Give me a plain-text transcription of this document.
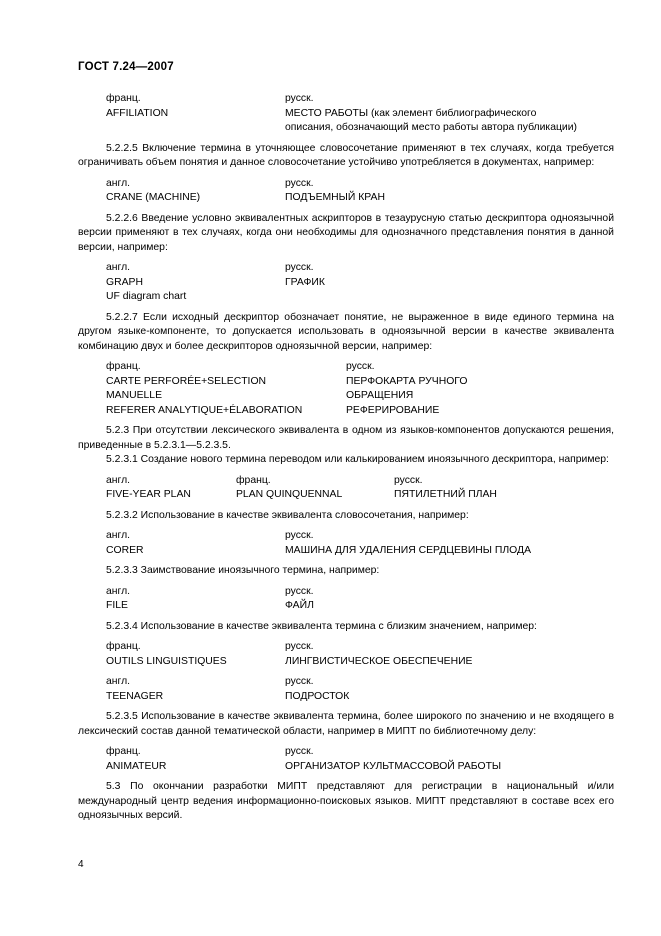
ГОСТ 7.24—2007
франц.	русск.
AFFILIATION	МЕСТО РАБОТЫ (как элемент библиографического
описания, обозначающий место работы автора публикации)

5.2.2.5 Включение термина в уточняющее словосочетание применяют в тех случаях, когда требуется ограничивать объем понятия и данное словосочетание устойчиво употребляется в документах, например:

англ.	русск.
CRANE (MACHINE)	ПОДЪЕМНЫЙ КРАН

5.2.2.6 Введение условно эквивалентных аскрипторов в тезаурусную статью дескриптора одноязычной версии применяют в тех случаях, когда они необходимы для однозначного представления понятия в данной версии, например:

англ.	русск.
GRAPH	ГРАФИК
UF diagram chart

5.2.2.7 Если исходный дескриптор обозначает понятие, не выраженное в виде единого термина на другом языке-компоненте, то допускается использовать в одноязычной версии в качестве эквивалента комбинацию двух и более дескрипторов одноязычной версии, например:

франц.	русск.
CARTE PERFORÉE+SELECTION	ПЕРФОКАРТА РУЧНОГО
MANUELLE	ОБРАЩЕНИЯ
REFERER ANALYTIQUE+ÉLABORATION	РЕФЕРИРОВАНИЕ

5.2.3 При отсутствии лексического эквивалента в одном из языков-компонентов допускаются решения, приведенные в 5.2.3.1—5.2.3.5.

5.2.3.1 Создание нового термина переводом или калькированием иноязычного дескриптора, например:

англ.	франц.	русск.
FIVE-YEAR PLAN	PLAN QUINQUENNAL	ПЯТИЛЕТНИЙ ПЛАН

5.2.3.2 Использование в качестве эквивалента словосочетания, например:

англ.	русск.
CORER	МАШИНА ДЛЯ УДАЛЕНИЯ СЕРДЦЕВИНЫ ПЛОДА

5.2.3.3 Заимствование иноязычного термина, например:

англ.	русск.
FILE	ФАЙЛ

5.2.3.4 Использование в качестве эквивалента термина с близким значением, например:

франц.	русск.
OUTILS LINGUISTIQUES	ЛИНГВИСТИЧЕСКОЕ ОБЕСПЕЧЕНИЕ
англ.	русск.
TEENAGER	ПОДРОСТОК

5.2.3.5 Использование в качестве эквивалента термина, более широкого по значению и не входящего в лексический состав данной тематической области, например в МИПТ по библиотечному делу:

франц.	русск.
ANIMATEUR	ОРГАНИЗАТОР КУЛЬТМАССОВОЙ РАБОТЫ

5.3 По окончании разработки МИПТ представляют для регистрации в национальный и/или международный центр ведения информационно-поисковых языков. МИПТ представляют в составе всех его одноязычных версий.

4
